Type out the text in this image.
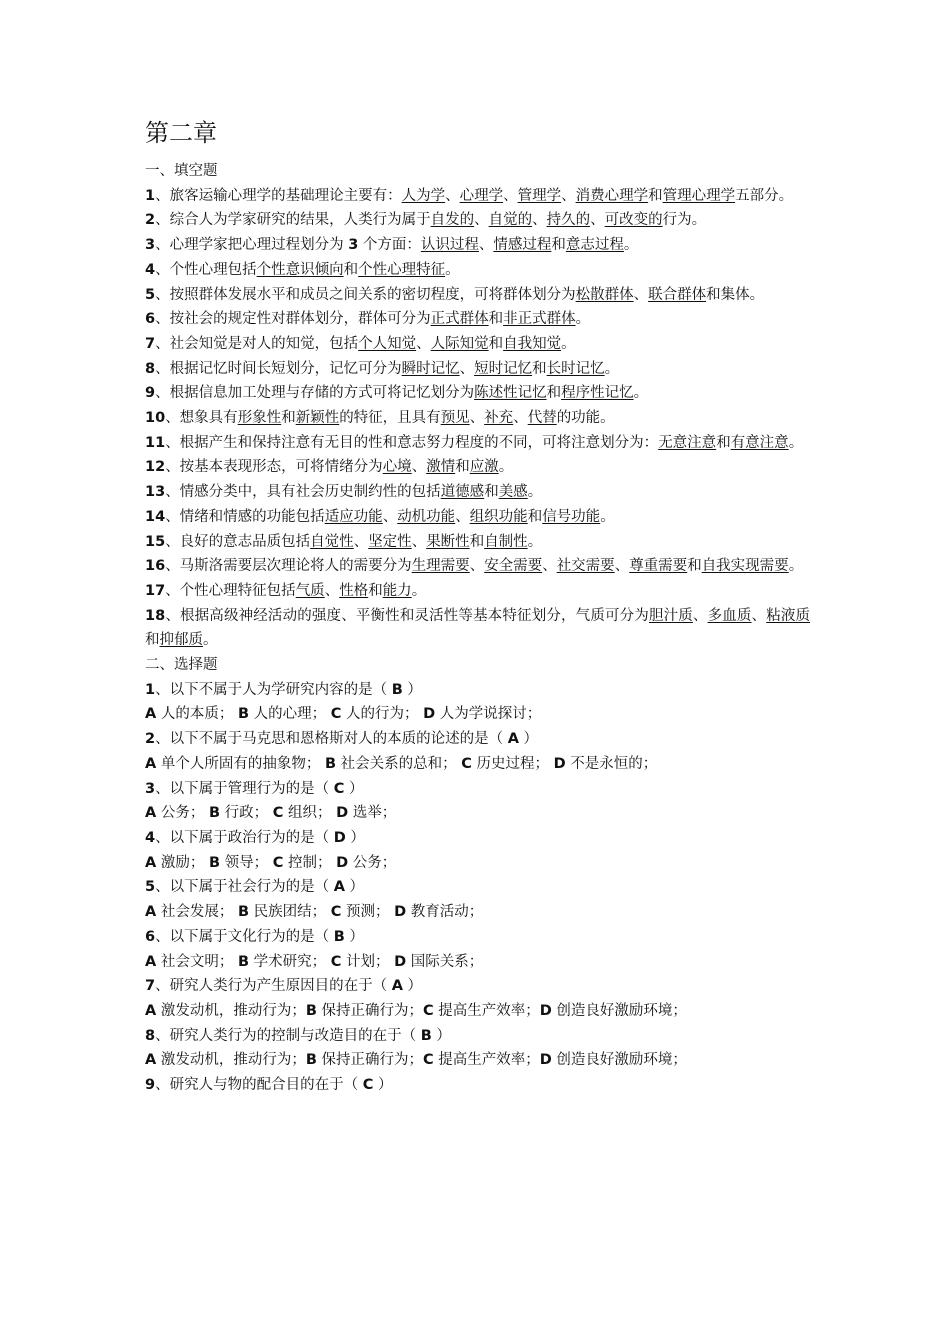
第二章
一、填空题
1、旅客运输心理学的基础理论主要有：人为学、心理学、管理学、消费心理学和管理心理学五部分。
2、综合人为学家研究的结果，人类行为属于自发的、自觉的、持久的、可改变的行为。
3、心理学家把心理过程划分为 3 个方面：认识过程、情感过程和意志过程。
4、个性心理包括个性意识倾向和个性心理特征。
5、按照群体发展水平和成员之间关系的密切程度，可将群体划分为松散群体、联合群体和集体。
6、按社会的规定性对群体划分，群体可分为正式群体和非正式群体。
7、社会知觉是对人的知觉，包括个人知觉、人际知觉和自我知觉。
8、根据记忆时间长短划分，记忆可分为瞬时记忆、短时记忆和长时记忆。
9、根据信息加工处理与存储的方式可将记忆划分为陈述性记忆和程序性记忆。
10、想象具有形象性和新颖性的特征，且具有预见、补充、代替的功能。
11、根据产生和保持注意有无目的性和意志努力程度的不同，可将注意划分为：无意注意和有意注意。
12、按基本表现形态，可将情绪分为心境、激情和应激。
13、情感分类中，具有社会历史制约性的包括道德感和美感。
14、情绪和情感的功能包括适应功能、动机功能、组织功能和信号功能。
15、良好的意志品质包括自觉性、坚定性、果断性和自制性。
16、马斯洛需要层次理论将人的需要分为生理需要、安全需要、社交需要、尊重需要和自我实现需要。
17、个性心理特征包括气质、性格和能力。
18、根据高级神经活动的强度、平衡性和灵活性等基本特征划分，气质可分为胆汁质、多血质、粘液质和抑郁质。
二、选择题
1、以下不属于人为学研究内容的是（ B ）
A 人的本质； B 人的心理； C 人的行为； D 人为学说探讨；
2、以下不属于马克思和恩格斯对人的本质的论述的是（ A ）
A 单个人所固有的抽象物； B 社会关系的总和； C 历史过程； D 不是永恒的；
3、以下属于管理行为的是（ C ）
A 公务； B 行政； C 组织； D 选举；
4、以下属于政治行为的是（ D ）
A 激励； B 领导； C 控制； D 公务；
5、以下属于社会行为的是（ A ）
A 社会发展； B 民族团结； C 预测； D 教育活动；
6、以下属于文化行为的是（ B ）
A 社会文明； B 学术研究； C 计划； D 国际关系；
7、研究人类行为产生原因目的在于（ A ）
A 激发动机，推动行为；B 保持正确行为；C 提高生产效率；D 创造良好激励环境；
8、研究人类行为的控制与改造目的在于（ B ）
A 激发动机，推动行为；B 保持正确行为；C 提高生产效率；D 创造良好激励环境；
9、研究人与物的配合目的在于（ C ）
